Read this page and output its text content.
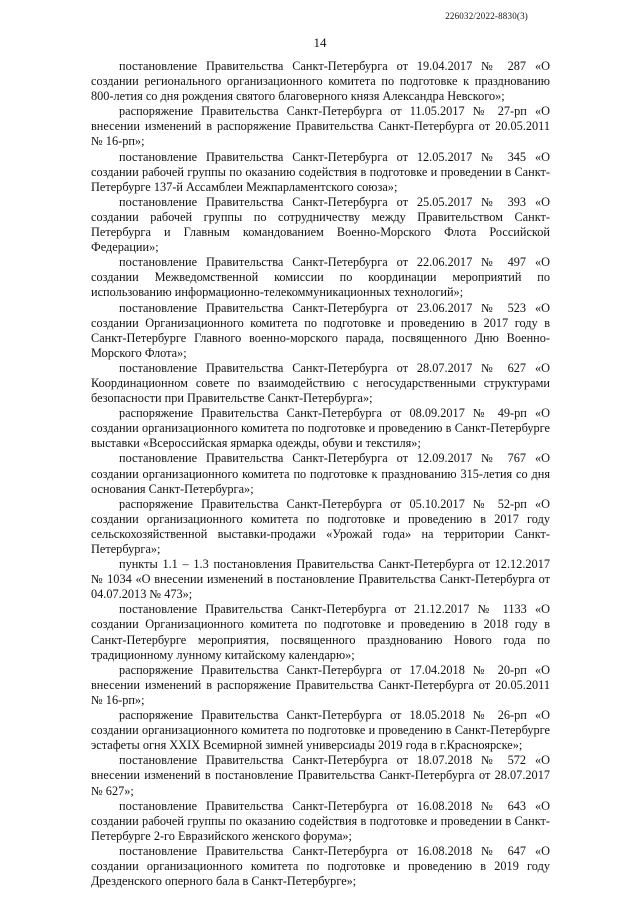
226032/2022-8830(3)
14

постановление Правительства Санкт-Петербурга от 19.04.2017 № 287 «О создании регионального организационного комитета по подготовке к празднованию 800-летия со дня рождения святого благоверного князя Александра Невского»;

распоряжение Правительства Санкт-Петербурга от 11.05.2017 № 27-рп «О внесении изменений в распоряжение Правительства Санкт-Петербурга от 20.05.2011 № 16-рп»;

постановление Правительства Санкт-Петербурга от 12.05.2017 № 345 «О создании рабочей группы по оказанию содействия в подготовке и проведении в Санкт-Петербурге 137-й Ассамблеи Межпарламентского союза»;

постановление Правительства Санкт-Петербурга от 25.05.2017 № 393 «О создании рабочей группы по сотрудничеству между Правительством Санкт-Петербурга и Главным командованием Военно-Морского Флота Российской Федерации»;

постановление Правительства Санкт-Петербурга от 22.06.2017 № 497 «О создании Межведомственной комиссии по координации мероприятий по использованию информационно-телекоммуникационных технологий»;

постановление Правительства Санкт-Петербурга от 23.06.2017 № 523 «О создании Организационного комитета по подготовке и проведению в 2017 году в Санкт-Петербурге Главного военно-морского парада, посвященного Дню Военно-Морского Флота»;

постановление Правительства Санкт-Петербурга от 28.07.2017 № 627 «О Координационном совете по взаимодействию с негосударственными структурами безопасности при Правительстве Санкт-Петербурга»;

распоряжение Правительства Санкт-Петербурга от 08.09.2017 № 49-рп «О создании организационного комитета по подготовке и проведению в Санкт-Петербурге выставки «Всероссийская ярмарка одежды, обуви и текстиля»;

постановление Правительства Санкт-Петербурга от 12.09.2017 № 767 «О создании организационного комитета по подготовке к празднованию 315-летия со дня основания Санкт-Петербурга»;

распоряжение Правительства Санкт-Петербурга от 05.10.2017 № 52-рп «О создании организационного комитета по подготовке и проведению в 2017 году сельскохозяйственной выставки-продажи «Урожай года» на территории Санкт-Петербурга»;

пункты 1.1 – 1.3 постановления Правительства Санкт-Петербурга от 12.12.2017 № 1034 «О внесении изменений в постановление Правительства Санкт-Петербурга от 04.07.2013 № 473»;

постановление Правительства Санкт-Петербурга от 21.12.2017 № 1133 «О создании Организационного комитета по подготовке и проведению в 2018 году в Санкт-Петербурге мероприятия, посвященного празднованию Нового года по традиционному лунному китайскому календарю»;

распоряжение Правительства Санкт-Петербурга от 17.04.2018 № 20-рп «О внесении изменений в распоряжение Правительства Санкт-Петербурга от 20.05.2011 № 16-рп»;

распоряжение Правительства Санкт-Петербурга от 18.05.2018 № 26-рп «О создании организационного комитета по подготовке и проведению в Санкт-Петербурге эстафеты огня XXIX Всемирной зимней универсиады 2019 года в г.Красноярске»;

постановление Правительства Санкт-Петербурга от 18.07.2018 № 572 «О внесении изменений в постановление Правительства Санкт-Петербурга от 28.07.2017 № 627»;

постановление Правительства Санкт-Петербурга от 16.08.2018 № 643 «О создании рабочей группы по оказанию содействия в подготовке и проведении в Санкт-Петербурге 2-го Евразийского женского форума»;

постановление Правительства Санкт-Петербурга от 16.08.2018 № 647 «О создании организационного комитета по подготовке и проведению в 2019 году Дрезденского оперного бала в Санкт-Петербурге»;
